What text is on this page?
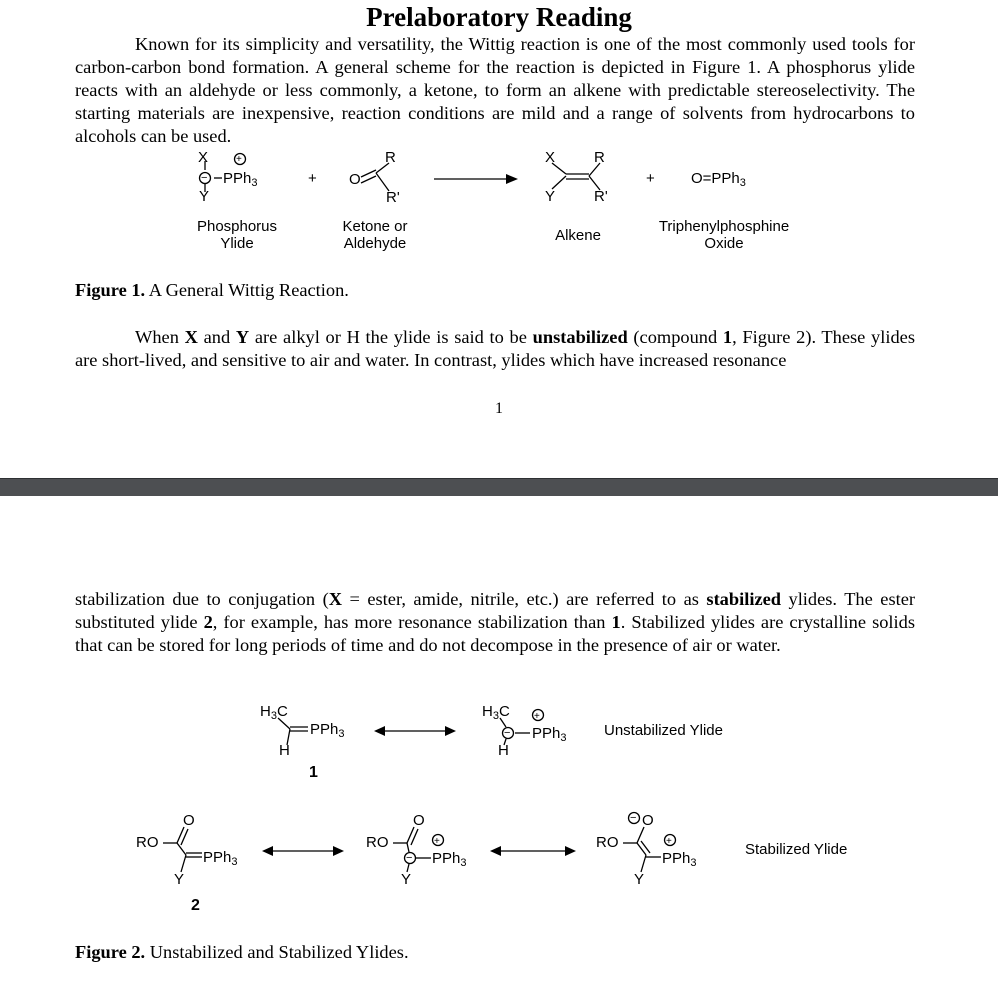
Prelaboratory Reading

Known for its simplicity and versatility, the Wittig reaction is one of the most commonly used tools for carbon-carbon bond formation. A general scheme for the reaction is depicted in Figure 1. A phosphorus ylide reacts with an aldehyde or less commonly, a ketone, to form an alkene with predictable stereoselectivity. The starting materials are inexpensive, reaction conditions are mild and a range of solvents from hydrocarbons to alcohols can be used.

X	+
− PPh$_3$
Y
+ O
R
R'
X	R
Y	R'
+ O=PPh$_3$
Phosphorus Ylide
Ketone or Aldehyde	Alkene
Triphenylphosphine Oxide

Figure 1. A General Wittig Reaction.

When X and Y are alkyl or H the ylide is said to be unstabilized (compound 1, Figure 2). These ylides are short-lived, and sensitive to air and water. In contrast, ylides which have increased resonance

1

stabilization due to conjugation (X = ester, amide, nitrile, etc.) are referred to as stabilized ylides. The ester substituted ylide 2, for example, has more resonance stabilization than 1. Stabilized ylides are crystalline solids that can be stored for long periods of time and do not decompose in the presence of air or water.

$H_3C$
PPh$_3$
H
1
$H_3C$ +
− PPh$_3$
H
Unstabilized Ylide
RO
O
PPh$_3$
Y
2
RO
O
+
− PPh$_3$
Y
RO
− O
+
PPh$_3$
Y
Stabilized Ylide

Figure 2. Unstabilized and Stabilized Ylides.
